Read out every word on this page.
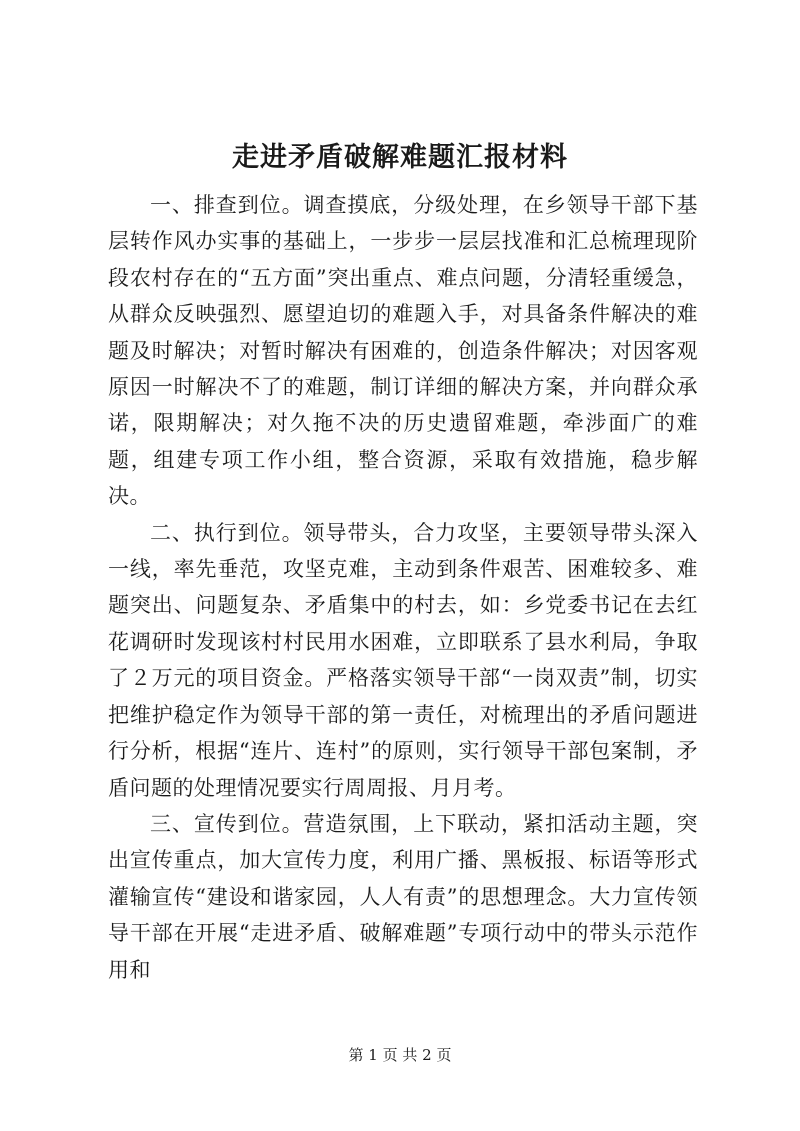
走进矛盾破解难题汇报材料

一、排查到位。调查摸底，分级处理，在乡领导干部下基层转作风办实事的基础上，一步步一层层找准和汇总梳理现阶段农村存在的“五方面”突出重点、难点问题，分清轻重缓急，从群众反映强烈、愿望迫切的难题入手，对具备条件解决的难题及时解决；对暂时解决有困难的，创造条件解决；对因客观原因一时解决不了的难题，制订详细的解决方案，并向群众承诺，限期解决；对久拖不决的历史遗留难题，牵涉面广的难题，组建专项工作小组，整合资源，采取有效措施，稳步解决。

二、执行到位。领导带头，合力攻坚，主要领导带头深入一线，率先垂范，攻坚克难，主动到条件艰苦、困难较多、难题突出、问题复杂、矛盾集中的村去，如：乡党委书记在去红花调研时发现该村村民用水困难，立即联系了县水利局，争取了２万元的项目资金。严格落实领导干部“一岗双责”制，切实把维护稳定作为领导干部的第一责任，对梳理出的矛盾问题进行分析，根据“连片、连村”的原则，实行领导干部包案制，矛盾问题的处理情况要实行周周报、月月考。

三、宣传到位。营造氛围，上下联动，紧扣活动主题，突出宣传重点，加大宣传力度，利用广播、黑板报、标语等形式灌输宣传“建设和谐家园，人人有责”的思想理念。大力宣传领导干部在开展“走进矛盾、破解难题”专项行动中的带头示范作用和

第 1 页 共 2 页
